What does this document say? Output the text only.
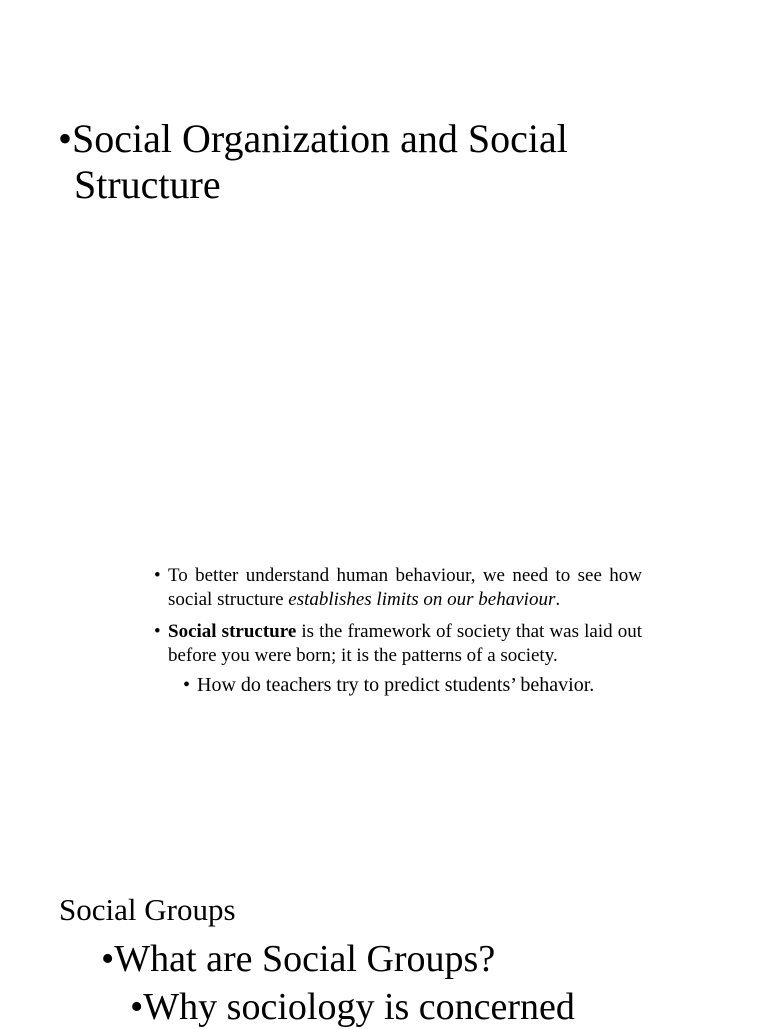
•Social Organization and Social Structure
• To better understand human behaviour, we need to see how social structure establishes limits on our behaviour.
• Social structure is the framework of society that was laid out before you were born; it is the patterns of a society.
• How do teachers try to predict students’ behavior.
Social Groups

•What are Social Groups?

•Why sociology is concerned
